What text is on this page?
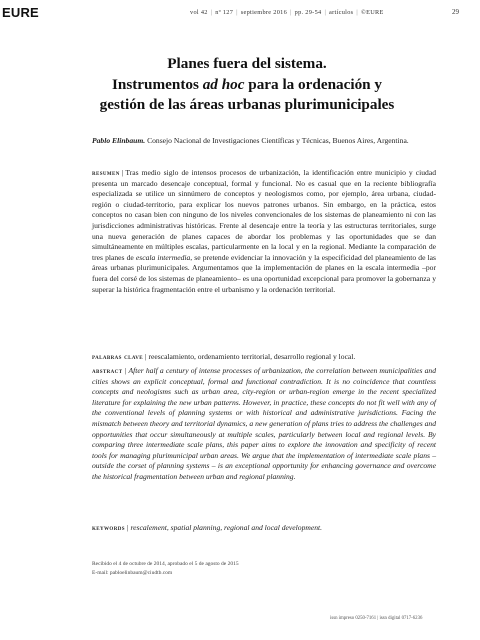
EURE	vol 42 | nº 127 | septiembre 2016 | pp. 29-54 | artículos | ©EURE	29
Planes fuera del sistema.
Instrumentos ad hoc para la ordenación y
gestión de las áreas urbanas plurimunicipales
Pablo Elinbaum. Consejo Nacional de Investigaciones Científicas y Técnicas, Buenos Aires, Argentina.
resumen | Tras medio siglo de intensos procesos de urbanización, la identificación entre municipio y ciudad presenta un marcado desencaje conceptual, formal y funcional. No es casual que en la reciente bibliografía especializada se utilice un sinnúmero de conceptos y neologismos como, por ejemplo, área urbana, ciudad-región o ciudad-territorio, para explicar los nuevos patrones urbanos. Sin embargo, en la práctica, estos conceptos no casan bien con ninguno de los niveles convencionales de los sistemas de planeamiento ni con las jurisdicciones administrativas históricas. Frente al desencaje entre la teoría y las estructuras territoriales, surge una nueva generación de planes capaces de abordar los problemas y las oportunidades que se dan simultáneamente en múltiples escalas, particularmente en la local y en la regional. Mediante la comparación de tres planes de escala intermedia, se pretende evidenciar la innovación y la especificidad del planeamiento de las áreas urbanas plurimunicipales. Argumentamos que la implementación de planes en la escala intermedia –por fuera del corsé de los sistemas de planeamiento– es una oportunidad excepcional para promover la gobernanza y superar la histórica fragmentación entre el urbanismo y la ordenación territorial.
palabras clave | reescalamiento, ordenamiento territorial, desarrollo regional y local.
abstract | After half a century of intense processes of urbanization, the correlation between municipalities and cities shows an explicit conceptual, formal and functional contradiction. It is no coincidence that countless concepts and neologisms such as urban area, city-region or urban-region emerge in the recent specialized literature for explaining the new urban patterns. However, in practice, these concepts do not fit well with any of the conventional levels of planning systems or with historical and administrative jurisdictions. Facing the mismatch between theory and territorial dynamics, a new generation of plans tries to address the challenges and opportunities that occur simultaneously at multiple scales, particularly between local and regional levels. By comparing three intermediate scale plans, this paper aims to explore the innovation and specificity of recent tools for managing plurimunicipal urban areas. We argue that the implementation of intermediate scale plans – outside the corset of planning systems – is an exceptional opportunity for enhancing governance and overcome the historical fragmentation between urban and regional planning.
keywords | rescalement, spatial planning, regional and local development.
Recibido el 4 de octubre de 2014, aprobado el 5 de agosto de 2015
E-mail: pabloelinbaum@ciudtb.com
issn impreso 0250-7161 | issn digital 0717-6236
